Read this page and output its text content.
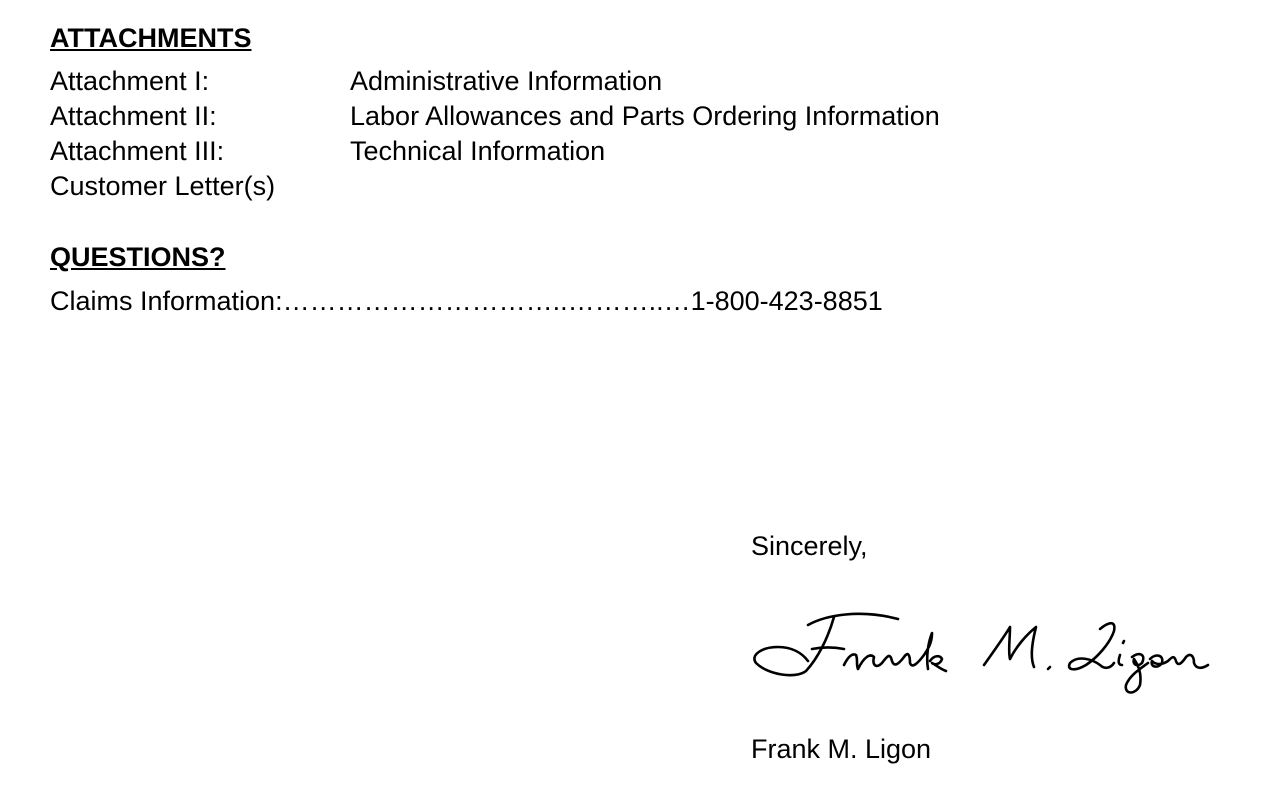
ATTACHMENTS
Attachment I:	Administrative Information
Attachment II:	Labor Allowances and Parts Ordering Information
Attachment III:	Technical Information
Customer Letter(s)
QUESTIONS?
Claims Information:…………………………..………..…1-800-423-8851
Sincerely,
Frank M. Ligon
